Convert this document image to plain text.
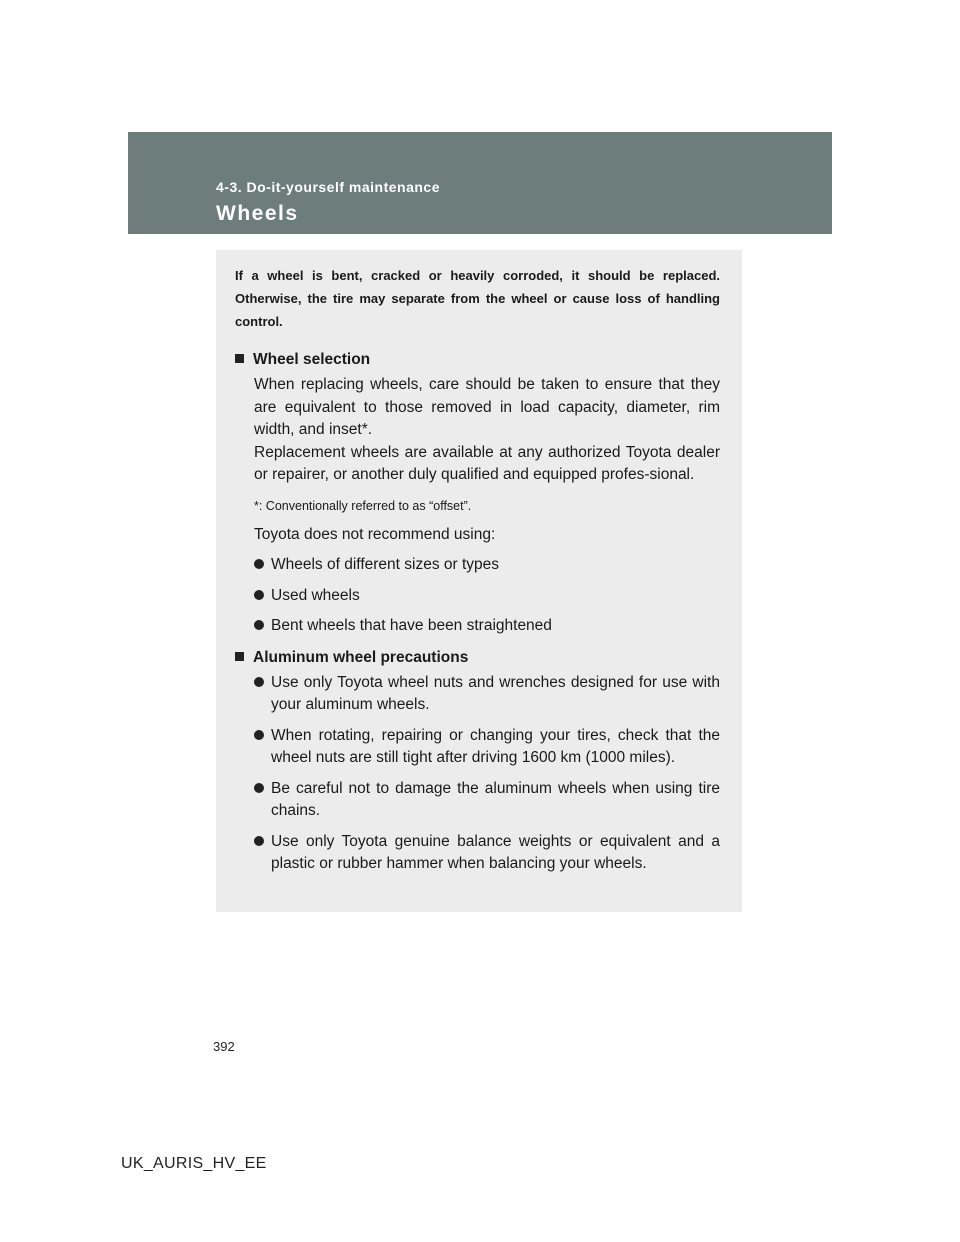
4-3. Do-it-yourself maintenance
Wheels

If a wheel is bent, cracked or heavily corroded, it should be replaced. Otherwise, the tire may separate from the wheel or cause loss of handling control.

Wheel selection
When replacing wheels, care should be taken to ensure that they are equivalent to those removed in load capacity, diameter, rim width, and inset*.
Replacement wheels are available at any authorized Toyota dealer or repairer, or another duly qualified and equipped profes-sional.
*: Conventionally referred to as “offset”.
Toyota does not recommend using:
Wheels of different sizes or types
Used wheels
Bent wheels that have been straightened
Aluminum wheel precautions
Use only Toyota wheel nuts and wrenches designed for use with your aluminum wheels.
When rotating, repairing or changing your tires, check that the wheel nuts are still tight after driving 1600 km (1000 miles).
Be careful not to damage the aluminum wheels when using tire chains.
Use only Toyota genuine balance weights or equivalent and a plastic or rubber hammer when balancing your wheels.
392
UK_AURIS_HV_EE
